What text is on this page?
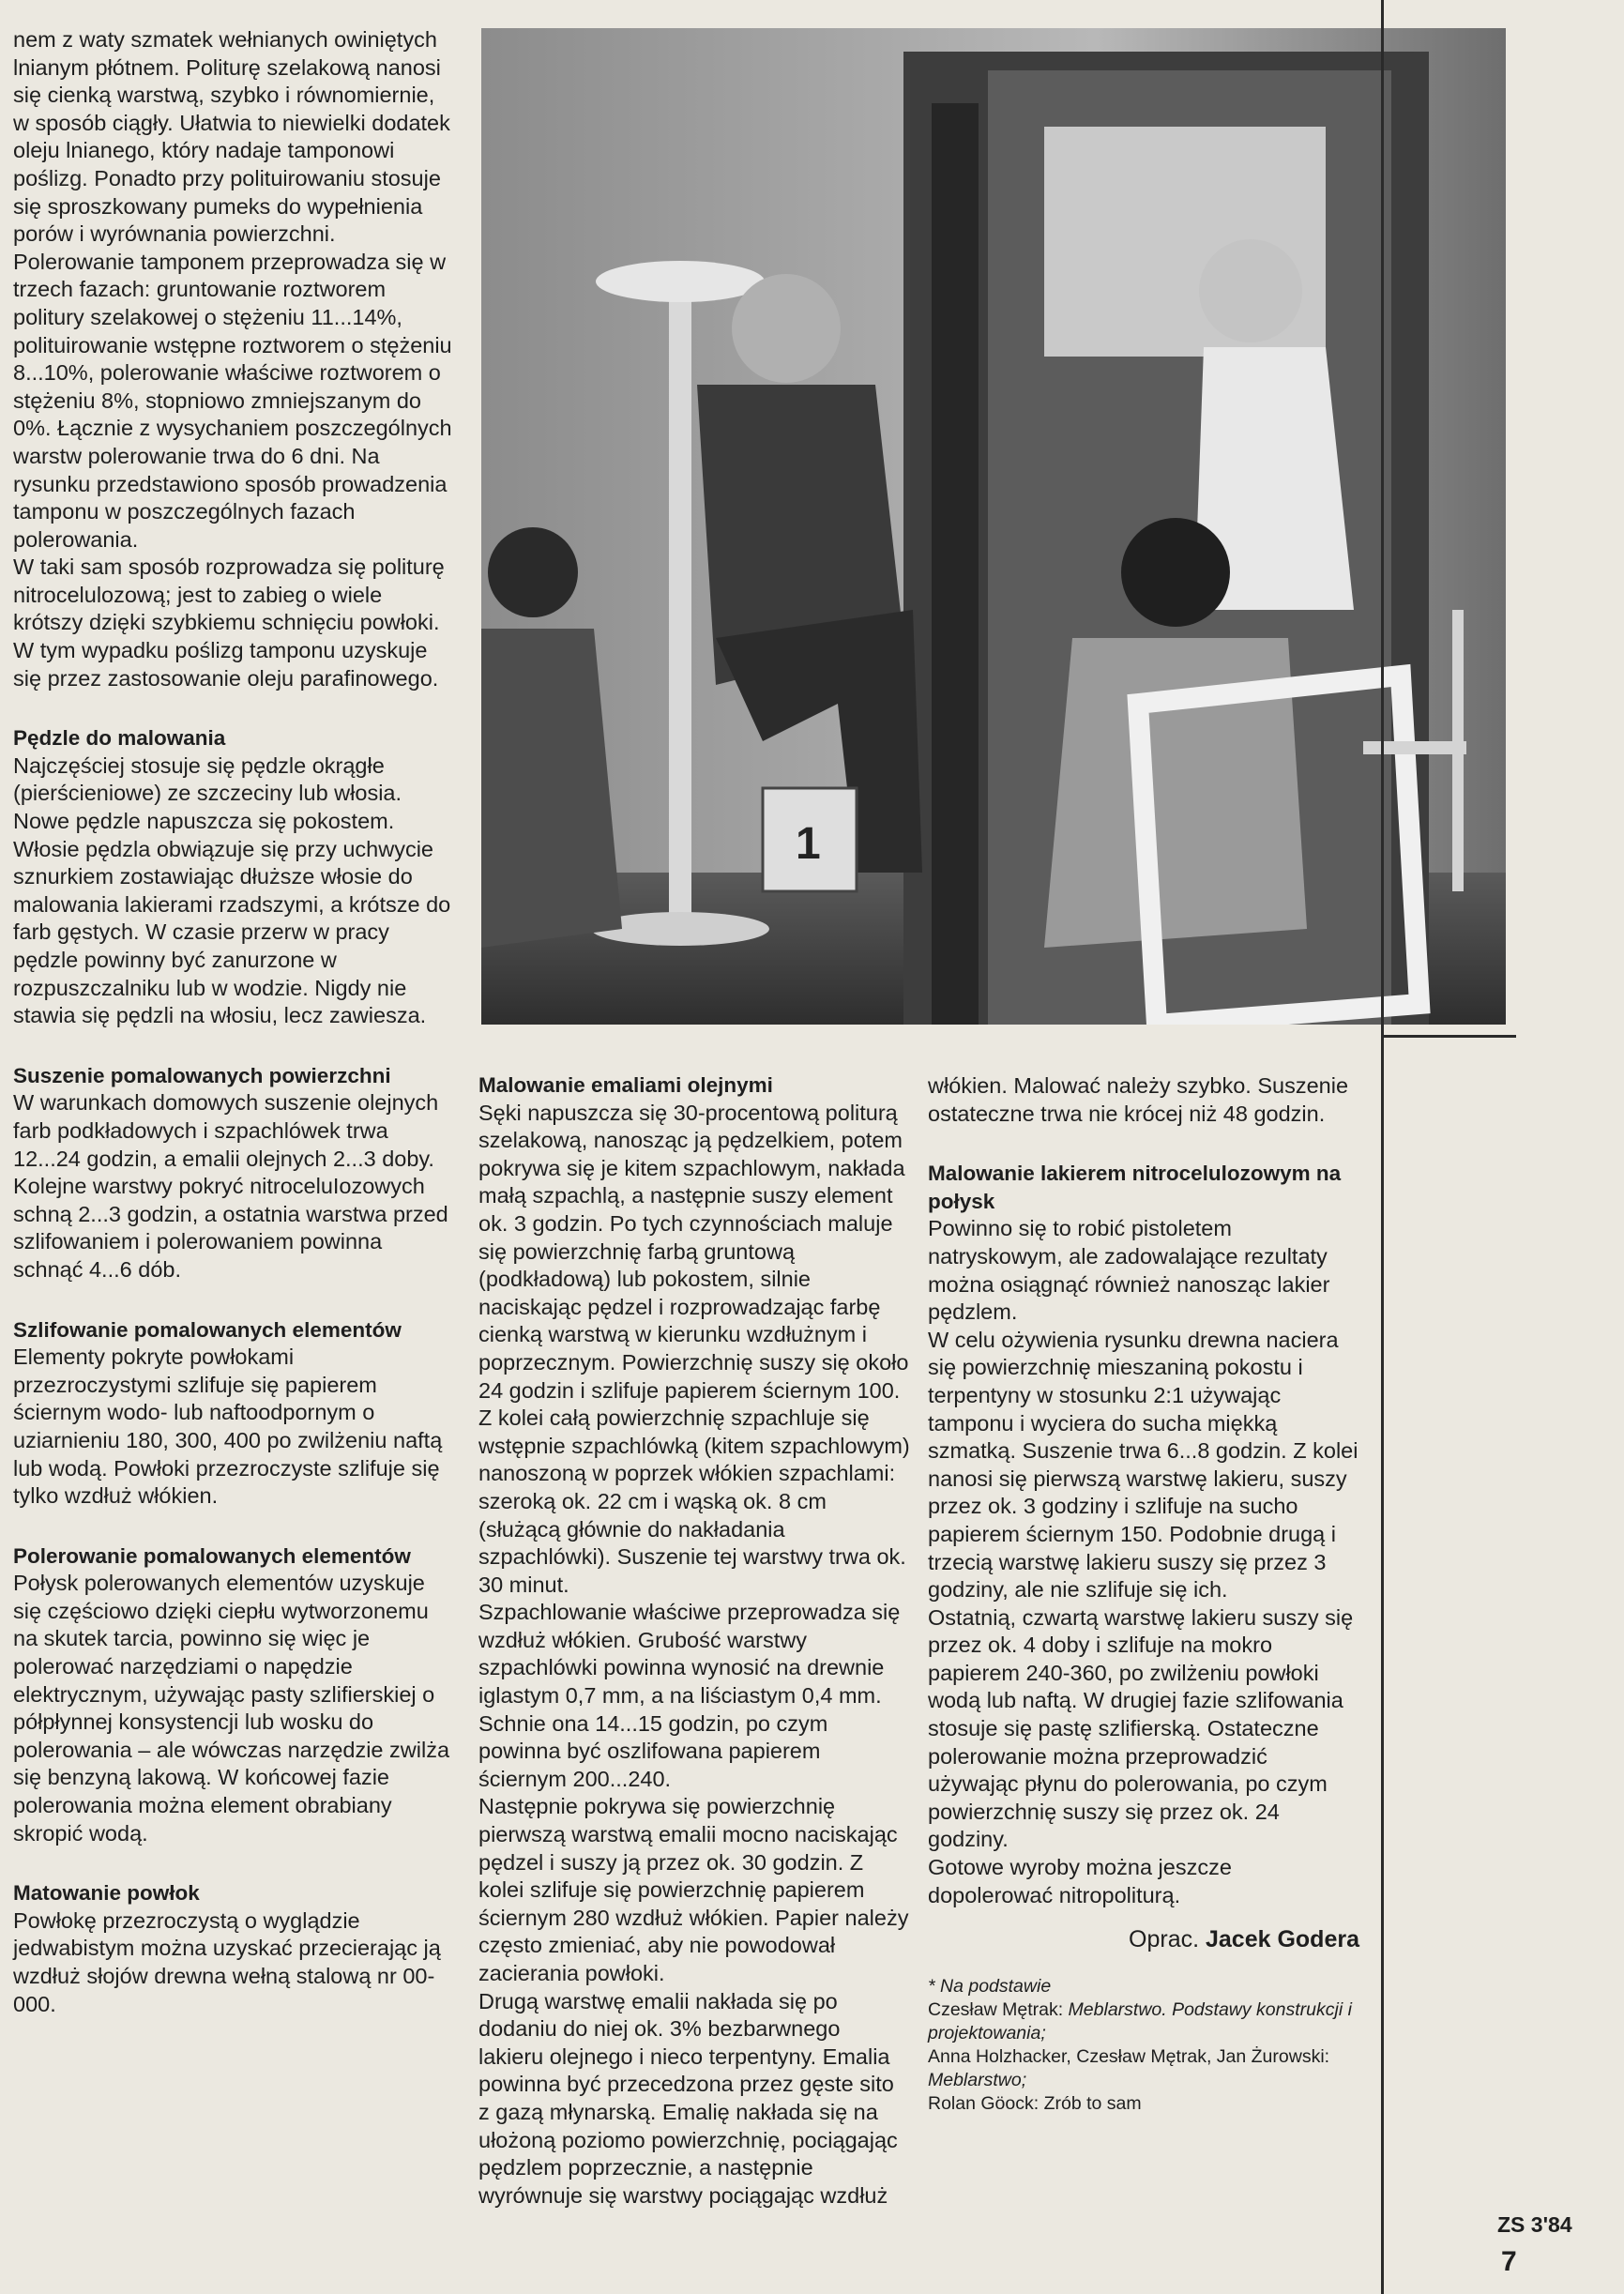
nem z waty szmatek wełnianych owiniętych lnianym płótnem. Politurę szelakową nanosi się cienką warstwą, szybko i równomiernie, w sposób ciągły. Ułatwia to niewielki dodatek oleju lnianego, który nadaje tamponowi poślizg. Ponadto przy polituirowaniu stosuje się sproszkowany pumeks do wypełnienia porów i wyrównania powierzchni.

Polerowanie tamponem przeprowadza się w trzech fazach: gruntowanie roztworem politury szelakowej o stężeniu 11...14%, polituirowanie wstępne roztworem o stężeniu 8...10%, polerowanie właściwe roztworem o stężeniu 8%, stopniowo zmniejszanym do 0%. Łącznie z wysychaniem poszczególnych warstw polerowanie trwa do 6 dni. Na rysunku przedstawiono sposób prowadzenia tamponu w poszczególnych fazach polerowania.

W taki sam sposób rozprowadza się politurę nitrocelulozową; jest to zabieg o wiele krótszy dzięki szybkiemu schnięciu powłoki. W tym wypadku poślizg tamponu uzyskuje się przez zastosowanie oleju parafinowego.

Pędzle do malowania

Najczęściej stosuje się pędzle okrągłe (pierścieniowe) ze szczeciny lub włosia. Nowe pędzle napuszcza się pokostem. Włosie pędzla obwiązuje się przy uchwycie sznurkiem zostawiając dłuższe włosie do malowania lakierami rzadszymi, a krótsze do farb gęstych. W czasie przerw w pracy pędzle powinny być zanurzone w rozpuszczalniku lub w wodzie. Nigdy nie stawia się pędzli na włosiu, lecz zawiesza.

Suszenie pomalowanych powierzchni

W warunkach domowych suszenie olejnych farb podkładowych i szpachlówek trwa 12...24 godzin, a emalii olejnych 2...3 doby.

Kolejne warstwy pokryć nitroceluIozowych schną 2...3 godzin, a ostatnia warstwa przed szlifowaniem i polerowaniem powinna schnąć 4...6 dób.

Szlifowanie pomalowanych elementów

Elementy pokryte powłokami przezroczystymi szlifuje się papierem ściernym wodo- lub naftoodpornym o uziarnieniu 180, 300, 400 po zwilżeniu naftą lub wodą. Powłoki przezroczyste szlifuje się tylko wzdłuż włókien.

Polerowanie pomalowanych elementów

Połysk polerowanych elementów uzyskuje się częściowo dzięki ciepłu wytworzonemu na skutek tarcia, powinno się więc je polerować narzędziami o napędzie elektrycznym, używając pasty szlifierskiej o półpłynnej konsystencji lub wosku do polerowania – ale wówczas narzędzie zwilża się benzyną lakową. W końcowej fazie polerowania można element obrabiany skropić wodą.

Matowanie powłok

Powłokę przezroczystą o wyglądzie jedwabistym można uzyskać przecierając ją wzdłuż słojów drewna wełną stalową nr 00-000.

1
Malowanie emaliami olejnymi

Sęki napuszcza się 30-procentową politurą szelakową, nanosząc ją pędzelkiem, potem pokrywa się je kitem szpachlowym, nakłada małą szpachlą, a następnie suszy element ok. 3 godzin. Po tych czynnościach maluje się powierzchnię farbą gruntową (podkładową) lub pokostem, silnie naciskając pędzel i rozprowadzając farbę cienką warstwą w kierunku wzdłużnym i poprzecznym. Powierzchnię suszy się około 24 godzin i szlifuje papierem ściernym 100.

Z kolei całą powierzchnię szpachluje się wstępnie szpachlówką (kitem szpachlowym) nanoszoną w poprzek włókien szpachlami: szeroką ok. 22 cm i wąską ok. 8 cm (służącą głównie do nakładania szpachlówki). Suszenie tej warstwy trwa ok. 30 minut.

Szpachlowanie właściwe przeprowadza się wzdłuż włókien. Grubość warstwy szpachlówki powinna wynosić na drewnie iglastym 0,7 mm, a na liściastym 0,4 mm. Schnie ona 14...15 godzin, po czym powinna być oszlifowana papierem ściernym 200...240.

Następnie pokrywa się powierzchnię pierwszą warstwą emalii mocno naciskając pędzel i suszy ją przez ok. 30 godzin. Z kolei szlifuje się powierzchnię papierem ściernym 280 wzdłuż włókien. Papier należy często zmieniać, aby nie powodował zacierania powłoki.

Drugą warstwę emalii nakłada się po dodaniu do niej ok. 3% bezbarwnego lakieru olejnego i nieco terpentyny. Emalia powinna być przecedzona przez gęste sito z gazą młynarską. Emalię nakłada się na ułożoną poziomo powierzchnię, pociągając pędzlem poprzecznie, a następnie wyrównuje się warstwy pociągając wzdłuż

włókien. Malować należy szybko. Suszenie ostateczne trwa nie krócej niż 48 godzin.

Malowanie lakierem nitrocelulozowym na połysk

Powinno się to robić pistoletem natryskowym, ale zadowalające rezultaty można osiągnąć również nanosząc lakier pędzlem.

W celu ożywienia rysunku drewna naciera się powierzchnię mieszaniną pokostu i terpentyny w stosunku 2:1 używając tamponu i wyciera do sucha miękką szmatką. Suszenie trwa 6...8 godzin. Z kolei nanosi się pierwszą warstwę lakieru, suszy przez ok. 3 godziny i szlifuje na sucho papierem ściernym 150. Podobnie drugą i trzecią warstwę lakieru suszy się przez 3 godziny, ale nie szlifuje się ich.

Ostatnią, czwartą warstwę lakieru suszy się przez ok. 4 doby i szlifuje na mokro papierem 240-360, po zwilżeniu powłoki wodą lub naftą. W drugiej fazie szlifowania stosuje się pastę szlifierską. Ostateczne polerowanie można przeprowadzić używając płynu do polerowania, po czym powierzchnię suszy się przez ok. 24 godziny.

Gotowe wyroby można jeszcze dopolerować nitropoliturą.

Oprac. Jacek Godera

* Na podstawie
Czesław Mętrak: Meblarstwo. Podstawy konstrukcji i projektowania;
Anna Holzhacker, Czesław Mętrak, Jan Żurowski: Meblarstwo;
Rolan Göock: Zrób to sam

ZS 3'84
7
